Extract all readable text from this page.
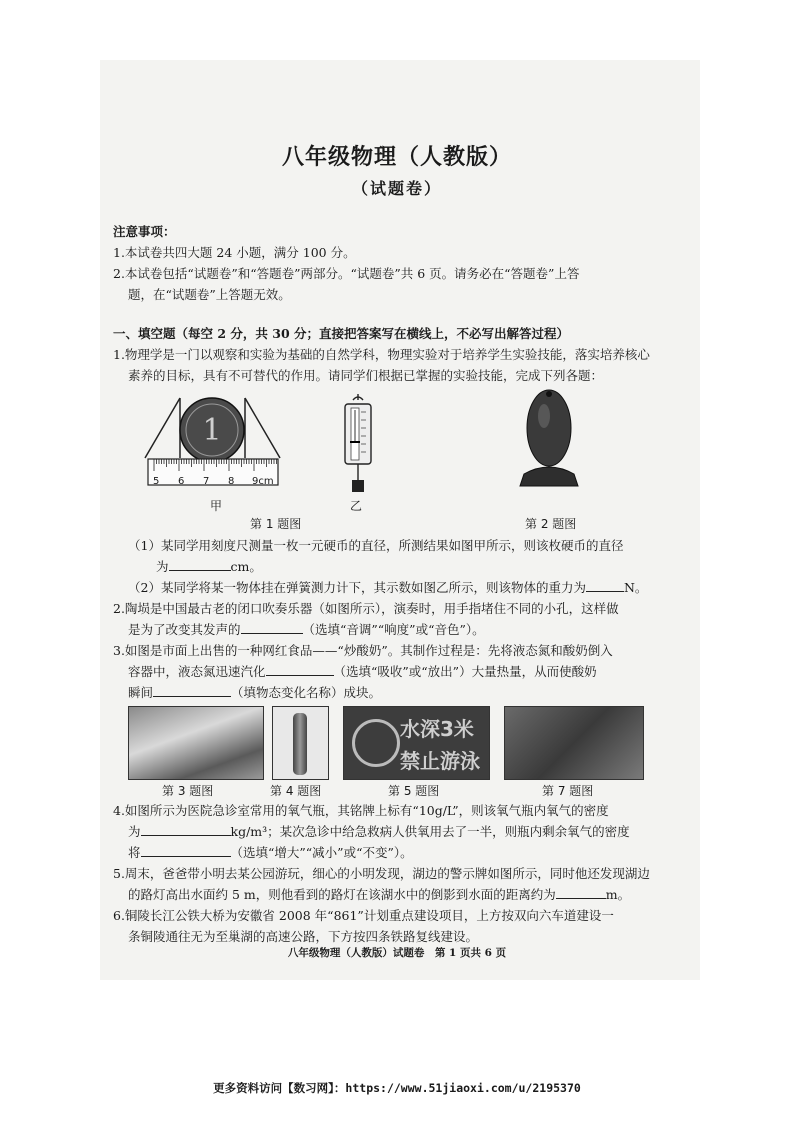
八年级物理（人教版）
（试题卷）
注意事项：
1.本试卷共四大题 24 小题，满分 100 分。
2.本试卷包括“试题卷”和“答题卷”两部分。“试题卷”共 6 页。请务必在“答题卷”上答
题，在“试题卷”上答题无效。
一、填空题（每空 2 分，共 30 分；直接把答案写在横线上，不必写出解答过程）
1.物理学是一门以观察和实验为基础的自然学科，物理实验对于培养学生实验技能，落实培养核心
素养的目标，具有不可替代的作用。请同学们根据已掌握的实验技能，完成下列各题：
1
5 6 7 8 9cm
甲	乙
第 1 题图	第 2 题图
（1）某同学用刻度尺测量一枚一元硬币的直径，所测结果如图甲所示，则该枚硬币的直径
为	cm。
（2）某同学将某一物体挂在弹簧测力计下，其示数如图乙所示，则该物体的重力为	N。
2.陶埙是中国最古老的闭口吹奏乐器（如图所示），演奏时，用手指堵住不同的小孔，这样做
是为了改变其发声的	（选填“音调”“响度”或“音色”）。
3.如图是市面上出售的一种网红食品——“炒酸奶”。其制作过程是：先将液态氮和酸奶倒入
容器中，液态氮迅速汽化	（选填“吸收”或“放出”）大量热量，从而使酸奶
瞬间	（填物态变化名称）成块。
水深3米
禁止游泳
第 3 题图	第 4 题图	第 5 题图	第 7 题图
4.如图所示为医院急诊室常用的氧气瓶，其铭牌上标有“10g/L”，则该氧气瓶内氧气的密度
为	kg/m³；某次急诊中给急救病人供氧用去了一半，则瓶内剩余氧气的密度
将	（选填“增大”“减小”或“不变”）。
5.周末，爸爸带小明去某公园游玩，细心的小明发现，湖边的警示牌如图所示，同时他还发现湖边
的路灯高出水面约 5 m，则他看到的路灯在该湖水中的倒影到水面的距离约为	m。
6.铜陵长江公铁大桥为安徽省 2008 年“861”计划重点建设项目，上方按双向六车道建设一
条铜陵通往无为至巢湖的高速公路，下方按四条铁路复线建设。
八年级物理（人教版）试题卷　第 1 页共 6 页
更多资料访问【数习网】：https://www.51jiaoxi.com/u/2195370
